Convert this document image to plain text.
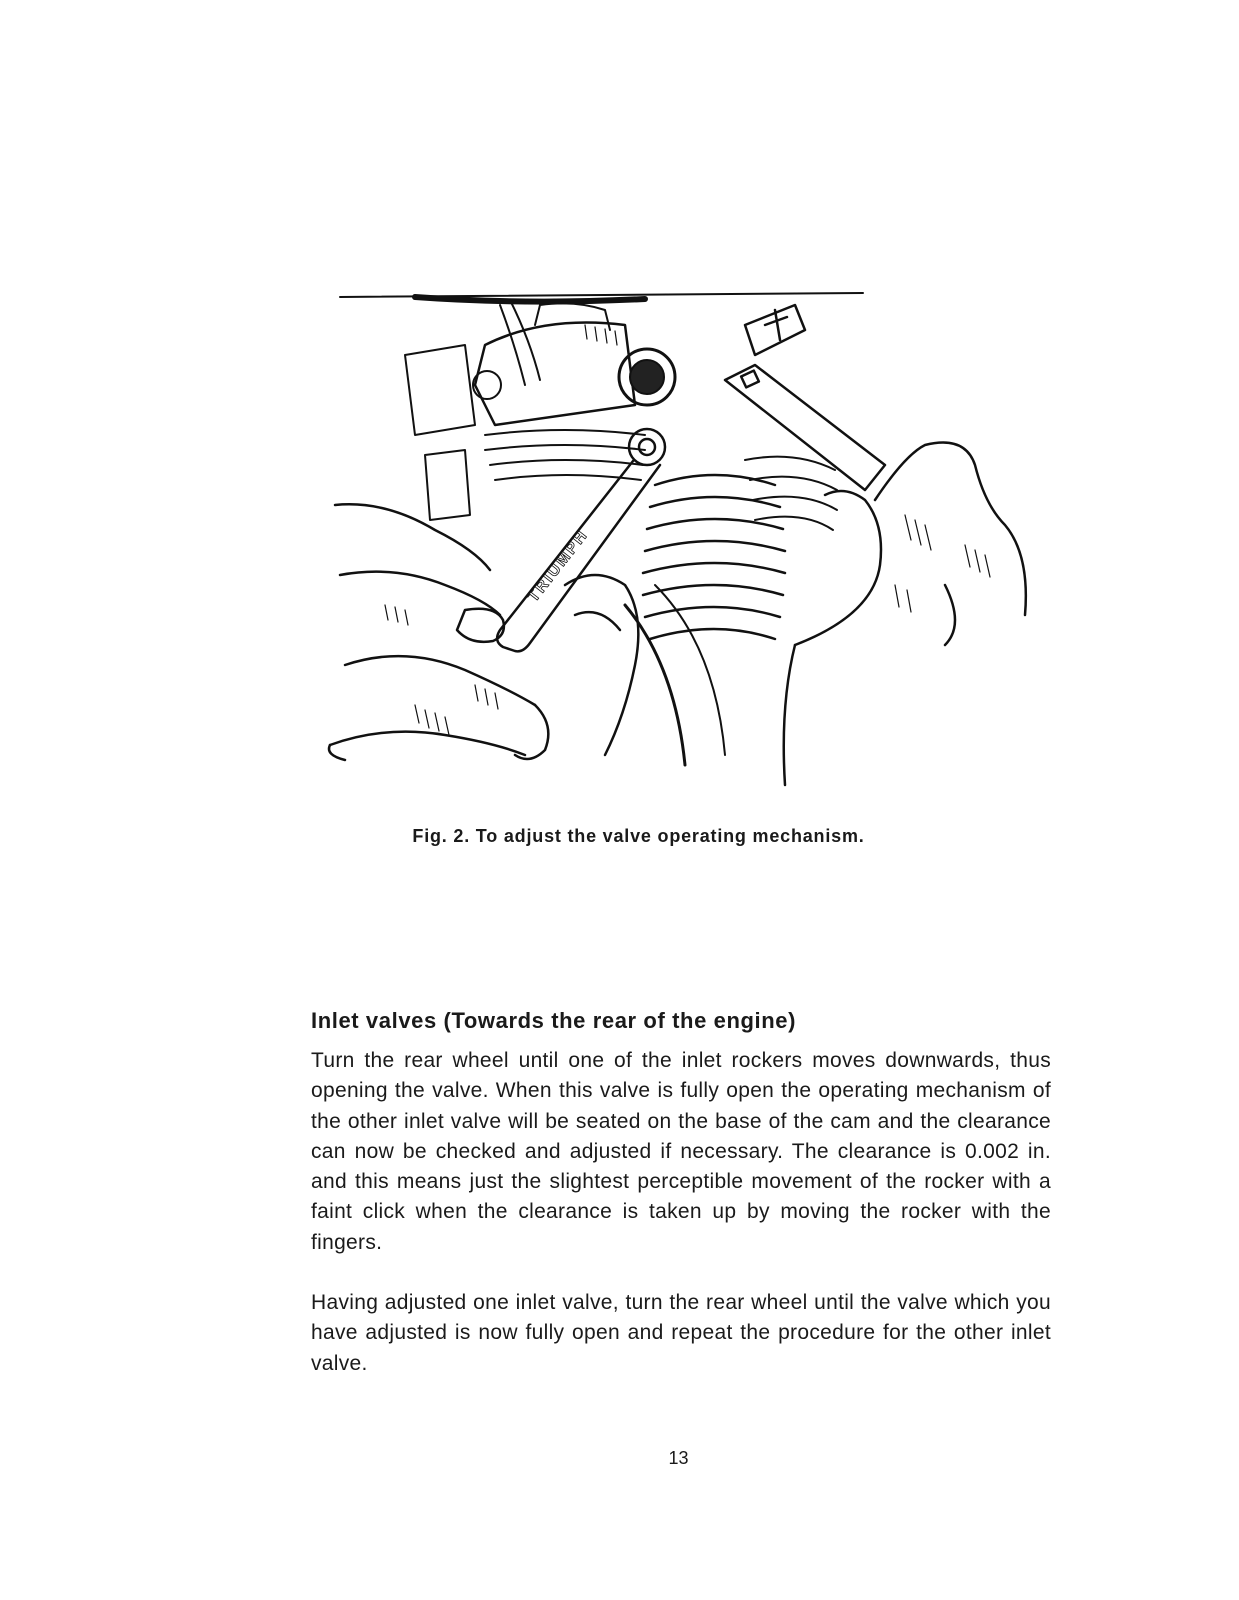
TRIUMPH
Fig. 2. To adjust the valve operating mechanism.
Inlet valves (Towards the rear of the engine)

Turn the rear wheel until one of the inlet rockers moves downwards, thus opening the valve. When this valve is fully open the operating mechanism of the other inlet valve will be seated on the base of the cam and the clearance can now be checked and adjusted if necessary. The clearance is 0.002 in. and this means just the slightest perceptible movement of the rocker with a faint click when the clearance is taken up by moving the rocker with the fingers.

Having adjusted one inlet valve, turn the rear wheel until the valve which you have adjusted is now fully open and repeat the procedure for the other inlet valve.

13
